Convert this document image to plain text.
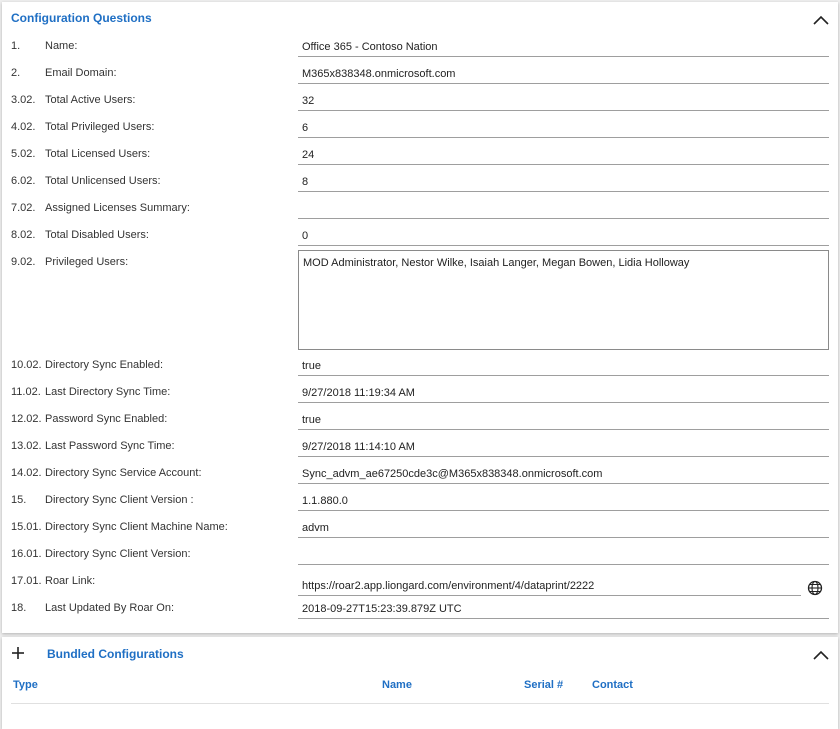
Configuration Questions
1. Name:	Office 365 - Contoso Nation
2. Email Domain:	M365x838348.onmicrosoft.com
3.02. Total Active Users:	32
4.02. Total Privileged Users:	6
5.02. Total Licensed Users:	24
6.02. Total Unlicensed Users:	8
7.02. Assigned Licenses Summary:
8.02. Total Disabled Users:	0
9.02. Privileged Users:	MOD Administrator, Nestor Wilke, Isaiah Langer, Megan Bowen, Lidia Holloway
10.02. Directory Sync Enabled:	true
11.02. Last Directory Sync Time:	9/27/2018 11:19:34 AM
12.02. Password Sync Enabled:	true
13.02. Last Password Sync Time:	9/27/2018 11:14:10 AM
14.02. Directory Sync Service Account:	Sync_advm_ae67250cde3c@M365x838348.onmicrosoft.com
15. Directory Sync Client Version :	1.1.880.0
15.01. Directory Sync Client Machine Name:	advm
16.01. Directory Sync Client Version:
17.01. Roar Link:	https://roar2.app.liongard.com/environment/4/dataprint/2222
18. Last Updated By Roar On:	2018-09-27T15:23:39.879Z UTC
Bundled Configurations
Type	Name	Serial #	Contact
